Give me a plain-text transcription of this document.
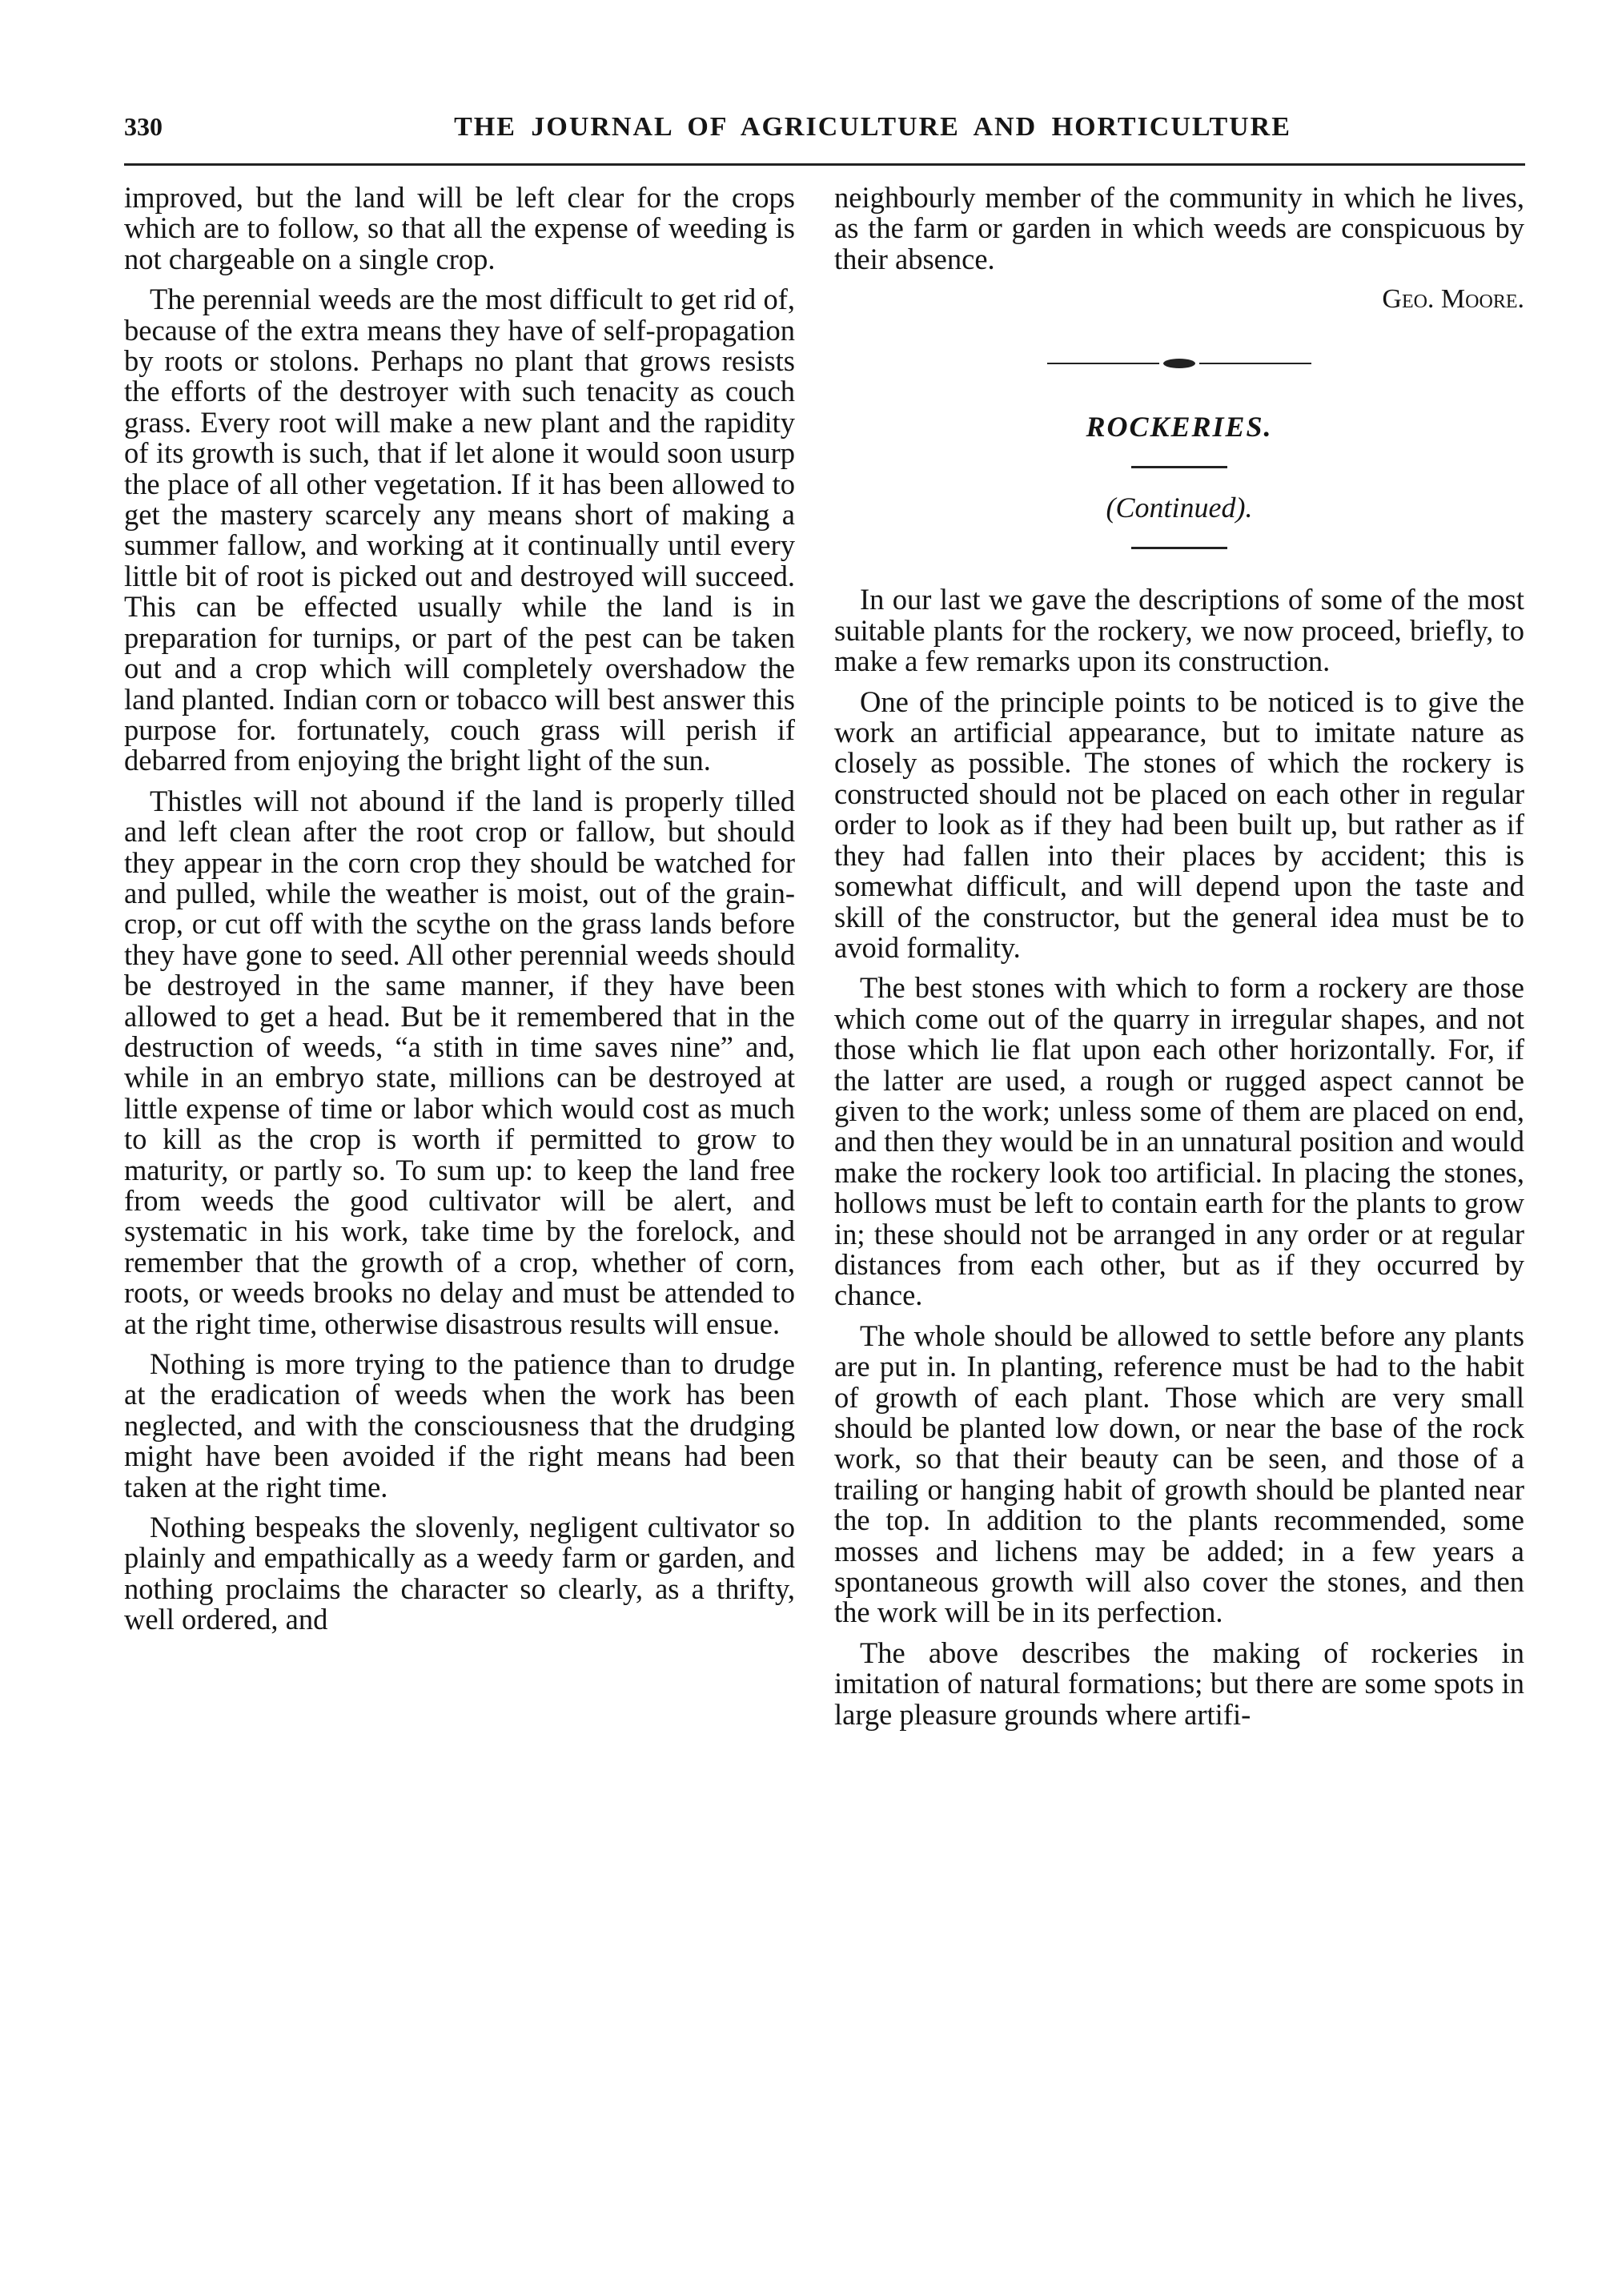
330	THE JOURNAL OF AGRICULTURE AND HORTICULTURE

improved, but the land will be left clear for the crops which are to follow, so that all the expense of weeding is not chargeable on a single crop.

The perennial weeds are the most difficult to get rid of, because of the extra means they have of self-propagation by roots or stolons. Perhaps no plant that grows resists the efforts of the destroyer with such tenacity as couch grass. Every root will make a new plant and the rapidity of its growth is such, that if let alone it would soon usurp the place of all other vegetation. If it has been allowed to get the mastery scarcely any means short of making a summer fallow, and working at it continually until every little bit of root is picked out and destroyed will succeed. This can be effected usually while the land is in preparation for turnips, or part of the pest can be taken out and a crop which will completely overshadow the land planted. Indian corn or tobacco will best answer this purpose for. fortunately, couch grass will perish if debarred from enjoying the bright light of the sun.

Thistles will not abound if the land is properly tilled and left clean after the root crop or fallow, but should they appear in the corn crop they should be watched for and pulled, while the weather is moist, out of the grain-crop, or cut off with the scythe on the grass lands before they have gone to seed. All other perennial weeds should be destroyed in the same manner, if they have been allowed to get a head. But be it remembered that in the destruction of weeds, “a stith in time saves nine” and, while in an embryo state, millions can be destroyed at little expense of time or labor which would cost as much to kill as the crop is worth if permitted to grow to maturity, or partly so. To sum up: to keep the land free from weeds the good cultivator will be alert, and systematic in his work, take time by the forelock, and remember that the growth of a crop, whether of corn, roots, or weeds brooks no delay and must be attended to at the right time, otherwise disastrous results will ensue.

Nothing is more trying to the patience than to drudge at the eradication of weeds when the work has been neglected, and with the consciousness that the drudging might have been avoided if the right means had been taken at the right time.

Nothing bespeaks the slovenly, negligent cultivator so plainly and empathically as a weedy farm or garden, and nothing proclaims the character so clearly, as a thrifty, well ordered, and

neighbourly member of the community in which he lives, as the farm or garden in which weeds are conspicuous by their absence.

Geo. Moore.

ROCKERIES.
(Continued).

In our last we gave the descriptions of some of the most suitable plants for the rockery, we now proceed, briefly, to make a few remarks upon its construction.

One of the principle points to be noticed is to give the work an artificial appearance, but to imitate nature as closely as possible. The stones of which the rockery is constructed should not be placed on each other in regular order to look as if they had been built up, but rather as if they had fallen into their places by accident; this is somewhat difficult, and will depend upon the taste and skill of the constructor, but the general idea must be to avoid formality.

The best stones with which to form a rockery are those which come out of the quarry in irregular shapes, and not those which lie flat upon each other horizontally. For, if the latter are used, a rough or rugged aspect cannot be given to the work; unless some of them are placed on end, and then they would be in an unnatural position and would make the rockery look too artificial. In placing the stones, hollows must be left to contain earth for the plants to grow in; these should not be arranged in any order or at regular distances from each other, but as if they occurred by chance.

The whole should be allowed to settle before any plants are put in. In planting, reference must be had to the habit of growth of each plant. Those which are very small should be planted low down, or near the base of the rock work, so that their beauty can be seen, and those of a trailing or hanging habit of growth should be planted near the top. In addition to the plants recommended, some mosses and lichens may be added; in a few years a spontaneous growth will also cover the stones, and then the work will be in its perfection.

The above describes the making of rockeries in imitation of natural formations; but there are some spots in large pleasure grounds where artifi-
